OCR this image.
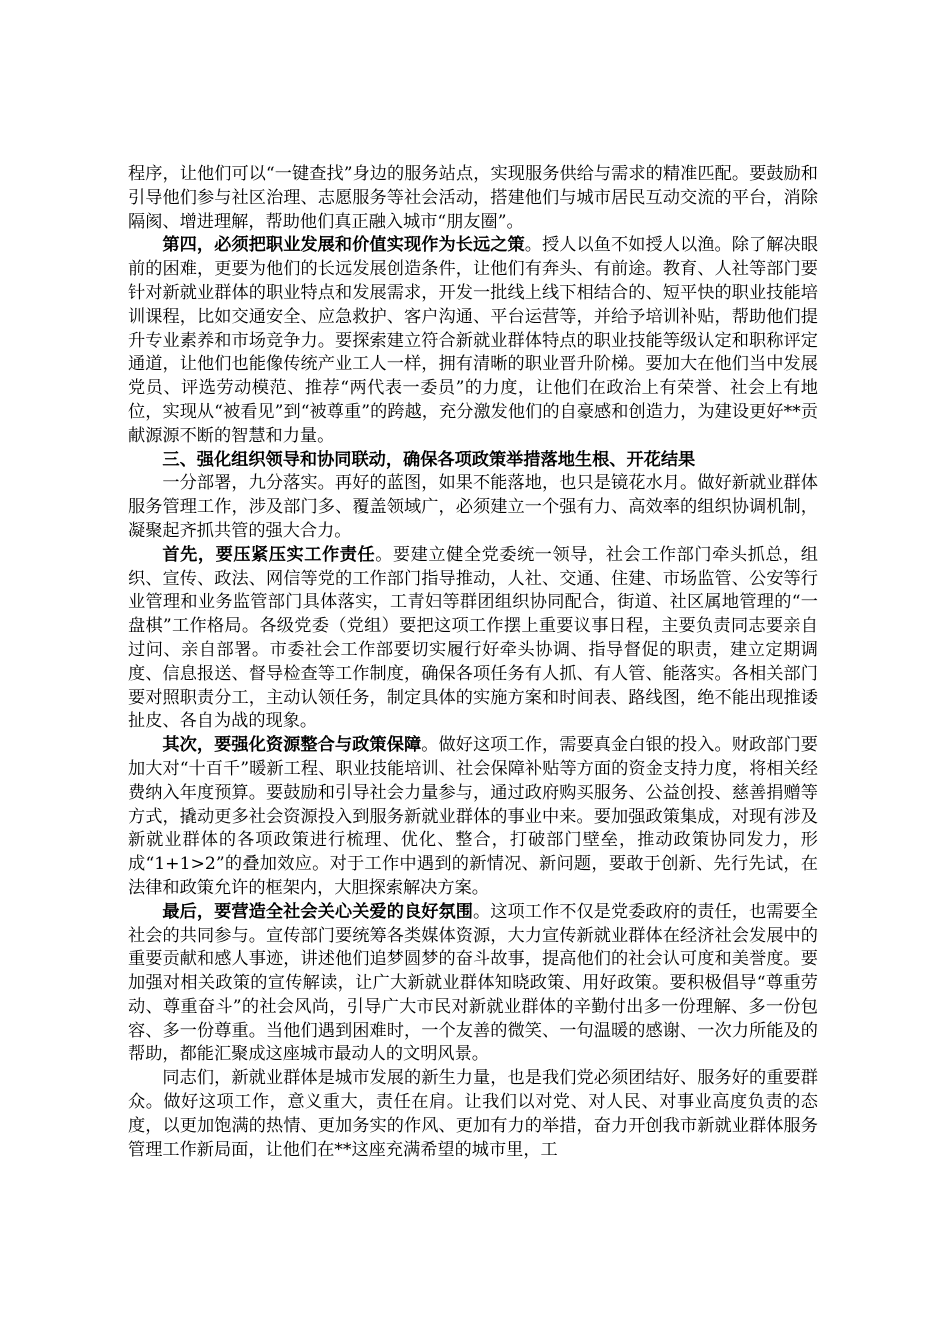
程序，让他们可以“一键查找”身边的服务站点，实现服务供给与需求的精准匹配。要鼓励和引导他们参与社区治理、志愿服务等社会活动，搭建他们与城市居民互动交流的平台，消除隔阂、增进理解，帮助他们真正融入城市“朋友圈”。

第四，必须把职业发展和价值实现作为长远之策。授人以鱼不如授人以渔。除了解决眼前的困难，更要为他们的长远发展创造条件，让他们有奔头、有前途。教育、人社等部门要针对新就业群体的职业特点和发展需求，开发一批线上线下相结合的、短平快的职业技能培训课程，比如交通安全、应急救护、客户沟通、平台运营等，并给予培训补贴，帮助他们提升专业素养和市场竞争力。要探索建立符合新就业群体特点的职业技能等级认定和职称评定通道，让他们也能像传统产业工人一样，拥有清晰的职业晋升阶梯。要加大在他们当中发展党员、评选劳动模范、推荐“两代表一委员”的力度，让他们在政治上有荣誉、社会上有地位，实现从“被看见”到“被尊重”的跨越，充分激发他们的自豪感和创造力，为建设更好**贡献源源不断的智慧和力量。

三、强化组织领导和协同联动，确保各项政策举措落地生根、开花结果

一分部署，九分落实。再好的蓝图，如果不能落地，也只是镜花水月。做好新就业群体服务管理工作，涉及部门多、覆盖领域广，必须建立一个强有力、高效率的组织协调机制，凝聚起齐抓共管的强大合力。

首先，要压紧压实工作责任。要建立健全党委统一领导，社会工作部门牵头抓总，组织、宣传、政法、网信等党的工作部门指导推动，人社、交通、住建、市场监管、公安等行业管理和业务监管部门具体落实，工青妇等群团组织协同配合，街道、社区属地管理的“一盘棋”工作格局。各级党委（党组）要把这项工作摆上重要议事日程，主要负责同志要亲自过问、亲自部署。市委社会工作部要切实履行好牵头协调、指导督促的职责，建立定期调度、信息报送、督导检查等工作制度，确保各项任务有人抓、有人管、能落实。各相关部门要对照职责分工，主动认领任务，制定具体的实施方案和时间表、路线图，绝不能出现推诿扯皮、各自为战的现象。

其次，要强化资源整合与政策保障。做好这项工作，需要真金白银的投入。财政部门要加大对“十百千”暖新工程、职业技能培训、社会保障补贴等方面的资金支持力度，将相关经费纳入年度预算。要鼓励和引导社会力量参与，通过政府购买服务、公益创投、慈善捐赠等方式，撬动更多社会资源投入到服务新就业群体的事业中来。要加强政策集成，对现有涉及新就业群体的各项政策进行梳理、优化、整合，打破部门壁垒，推动政策协同发力，形成“1+1>2”的叠加效应。对于工作中遇到的新情况、新问题，要敢于创新、先行先试，在法律和政策允许的框架内，大胆探索解决方案。

最后，要营造全社会关心关爱的良好氛围。这项工作不仅是党委政府的责任，也需要全社会的共同参与。宣传部门要统筹各类媒体资源，大力宣传新就业群体在经济社会发展中的重要贡献和感人事迹，讲述他们追梦圆梦的奋斗故事，提高他们的社会认可度和美誉度。要加强对相关政策的宣传解读，让广大新就业群体知晓政策、用好政策。要积极倡导“尊重劳动、尊重奋斗”的社会风尚，引导广大市民对新就业群体的辛勤付出多一份理解、多一份包容、多一份尊重。当他们遇到困难时，一个友善的微笑、一句温暖的感谢、一次力所能及的帮助，都能汇聚成这座城市最动人的文明风景。

同志们，新就业群体是城市发展的新生力量，也是我们党必须团结好、服务好的重要群众。做好这项工作，意义重大，责任在肩。让我们以对党、对人民、对事业高度负责的态度，以更加饱满的热情、更加务实的作风、更加有力的举措，奋力开创我市新就业群体服务管理工作新局面，让他们在**这座充满希望的城市里，工
